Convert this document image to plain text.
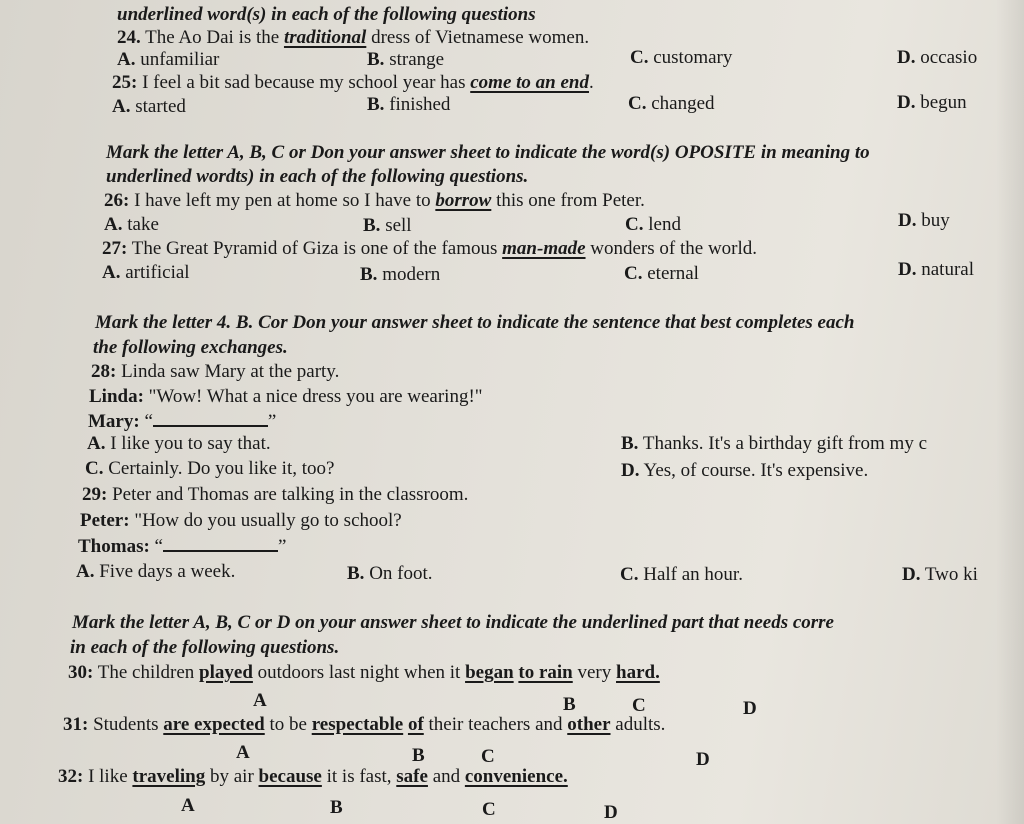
underlined word(s) in each of the following questions
24. The Ao Dai is the traditional dress of Vietnamese women.
A. unfamiliar	B. strange	C. customary	D. occasio
25: I feel a bit sad because my school year has come to an end.
A. started	B. finished	C. changed	D. begun
Mark the letter A, B, C or Don your answer sheet to indicate the word(s) OPOSITE in meaning to
underlined wordts) in each of the following questions.
26: I have left my pen at home so I have to borrow this one from Peter.
A. take	B. sell	C. lend	D. buy
27: The Great Pyramid of Giza is one of the famous man-made wonders of the world.
A. artificial	B. modern	C. eternal	D. natural
Mark the letter 4. B. Cor Don your answer sheet to indicate the sentence that best completes each
the following exchanges.
28: Linda saw Mary at the party.
Linda: "Wow! What a nice dress you are wearing!"
Mary: “	”
A. I like you to say that.	B. Thanks. It's a birthday gift from my c
C. Certainly. Do you like it, too?	D. Yes, of course. It's expensive.
29: Peter and Thomas are talking in the classroom.
Peter: "How do you usually go to school?
Thomas: “	”
A. Five days a week.	B. On foot.	C. Half an hour.	D. Two ki
Mark the letter A, B, C or D on your answer sheet to indicate the underlined part that needs corre
in each of the following questions.
30: The children played outdoors last night when it began to rain very hard.
A	B	C	D
31: Students are expected to be respectable of their teachers and other adults.
A	B	C	D
32: I like traveling by air because it is fast, safe and convenience.
A	B	C	D
